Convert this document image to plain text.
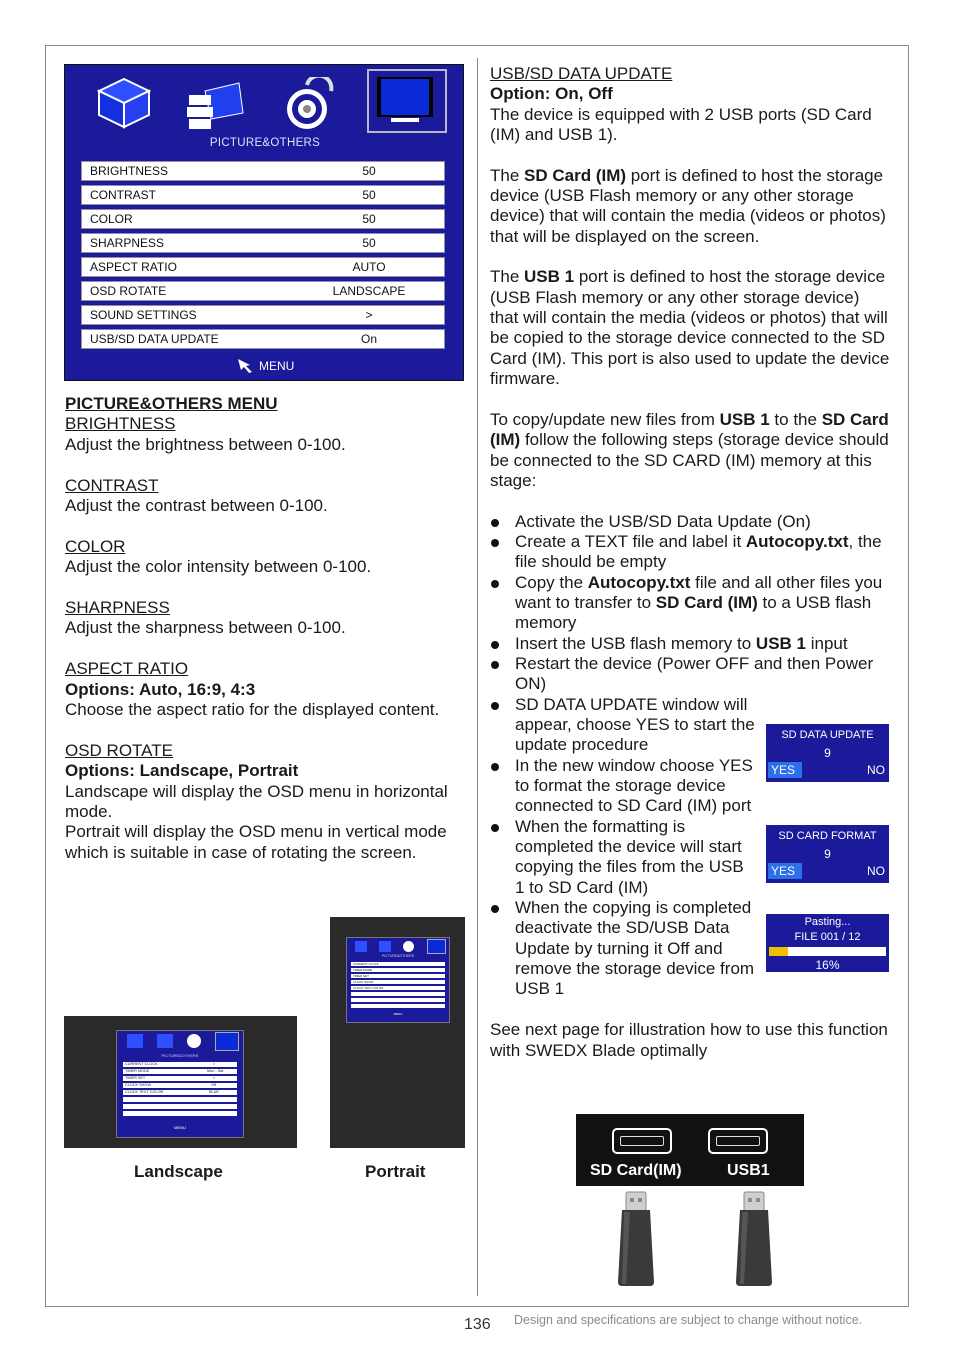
PICTURE&OTHERS
BRIGHTNESS	50
CONTRAST	50
COLOR	50
SHARPNESS	50
ASPECT RATIO	AUTO
OSD ROTATE	LANDSCAPE
SOUND SETTINGS	>
USB/SD DATA UPDATE	On
MENU

PICTURE&OTHERS MENU

BRIGHTNESS

Adjust the brightness between 0-100.

CONTRAST

Adjust the contrast between 0-100.

COLOR

Adjust the color intensity between 0-100.

SHARPNESS

Adjust the sharpness between 0-100.

ASPECT RATIO

Options: Auto, 16:9, 4:3

Choose the aspect ratio for the displayed content.

OSD ROTATE

Options: Landscape, Portrait

Landscape will display the OSD menu in horizontal mode.

Portrait will display the OSD menu in vertical mode which is suitable in case of rotating the screen.

PICTURE&OTHERS
CURRENT CLOCK	>
TIMER MODE	Mon - Sat
TIMER SET	>
CLOCK SHOW	Off
CLOCK TEXT COLOR	BLUE
MENU
PICTURE&OTHERS
CURRENT CLOCK
TIMER MODE
TIMER SET
CLOCK SHOW
CLOCK TEXT COLOR
MENU
Landscape	Portrait

USB/SD DATA UPDATE

Option: On, Off

The device is equipped with 2 USB ports (SD Card (IM) and USB 1).

The SD Card (IM) port is defined to host the storage device (USB Flash memory or any other storage device) that will contain the media (videos or photos) that will be displayed on the screen.

The USB 1 port is defined to host the storage device (USB Flash memory or any other storage device) that will contain the media (videos or photos) that will be copied to the storage device connected to the SD Card (IM). This port is also used to update the device firmware.

To copy/update new files from USB 1 to the SD Card (IM) follow the following steps (storage device should be connected to the SD CARD (IM) memory at this stage:

Activate the USB/SD Data Update (On)

Create a TEXT file and label it Autocopy.txt, the file should be empty

Copy the Autocopy.txt file and all other files you want to transfer to SD Card (IM) to a USB flash memory

Insert the USB flash memory to USB 1 input

Restart the device (Power OFF and then Power ON)

SD DATA UPDATE window will appear, choose YES to start the update procedure

In the new window choose YES to format the storage device connected to SD Card (IM) port

When the formatting is completed the device will start copying the files from the USB 1 to SD Card (IM)

When the copying is completed deactivate the SD/USB Data Update by turning it Off and remove the storage device from USB 1

See next page for illustration how to use this function with SWEDX Blade optimally

SD DATA UPDATE
9
YES	NO
SD CARD FORMAT
9
YES	NO
Pasting...
FILE 001 / 12
16%
SD Card(IM)	USB1
136 Design and specifications are subject to change without notice.
